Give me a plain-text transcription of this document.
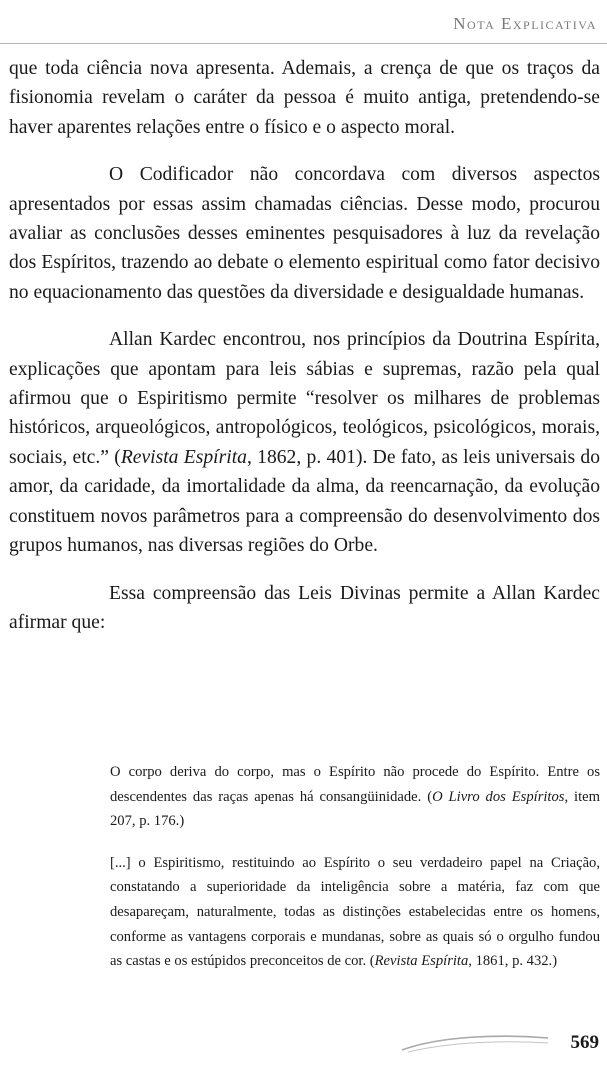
Nota Explicativa

que toda ciência nova apresenta. Ademais, a crença de que os traços da fisionomia revelam o caráter da pessoa é muito antiga, pretendendo-se haver aparentes relações entre o físico e o aspecto moral.

O Codificador não concordava com diversos aspectos apresentados por essas assim chamadas ciências. Desse modo, procurou avaliar as conclusões desses eminentes pesquisadores à luz da revelação dos Espíritos, trazendo ao debate o elemento espiritual como fator decisivo no equacionamento das questões da diversidade e desigualdade humanas.

Allan Kardec encontrou, nos princípios da Doutrina Espírita, explicações que apontam para leis sábias e supremas, razão pela qual afirmou que o Espiritismo permite “resolver os milhares de problemas históricos, arqueológicos, antropológicos, teológicos, psicológicos, morais, sociais, etc.” (Revista Espírita, 1862, p. 401). De fato, as leis universais do amor, da caridade, da imortalidade da alma, da reencarnação, da evolução constituem novos parâmetros para a compreensão do desenvolvimento dos grupos humanos, nas diversas regiões do Orbe.

Essa compreensão das Leis Divinas permite a Allan Kardec afirmar que:

O corpo deriva do corpo, mas o Espírito não procede do Espírito. Entre os descendentes das raças apenas há consangüinidade. (O Livro dos Espíritos, item 207, p. 176.)

[...] o Espiritismo, restituindo ao Espírito o seu verdadeiro papel na Criação, constatando a superioridade da inteligência sobre a matéria, faz com que desapareçam, naturalmente, todas as distinções estabelecidas entre os homens, conforme as vantagens corporais e mundanas, sobre as quais só o orgulho fundou as castas e os estúpidos preconceitos de cor. (Revista Espírita, 1861, p. 432.)

569
